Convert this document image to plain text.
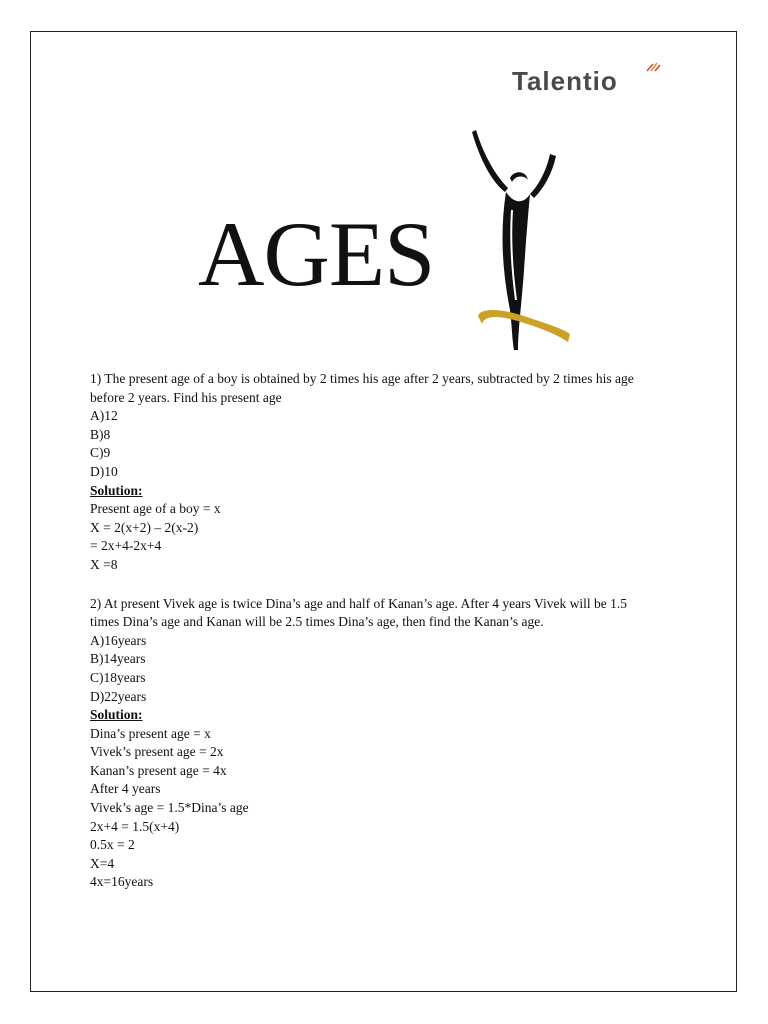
Talentio
AGES

1) The present age of a boy is obtained by 2 times his age after 2 years, subtracted by 2 times his age

before 2 years. Find his present age

A)12

B)8

C)9

D)10

Solution:

Present age of a boy = x

X = 2(x+2) – 2(x-2)

= 2x+4-2x+4

X =8

2) At present Vivek age is twice Dina’s age and half of Kanan’s age. After 4 years Vivek will be 1.5

times Dina’s age and Kanan will be 2.5 times Dina’s age, then find the Kanan’s age.

A)16years

B)14years

C)18years

D)22years

Solution:

Dina’s present age = x

Vivek’s present age = 2x

Kanan’s present age = 4x

After 4 years

Vivek’s age = 1.5*Dina’s age

2x+4 = 1.5(x+4)

0.5x = 2

X=4

4x=16years
